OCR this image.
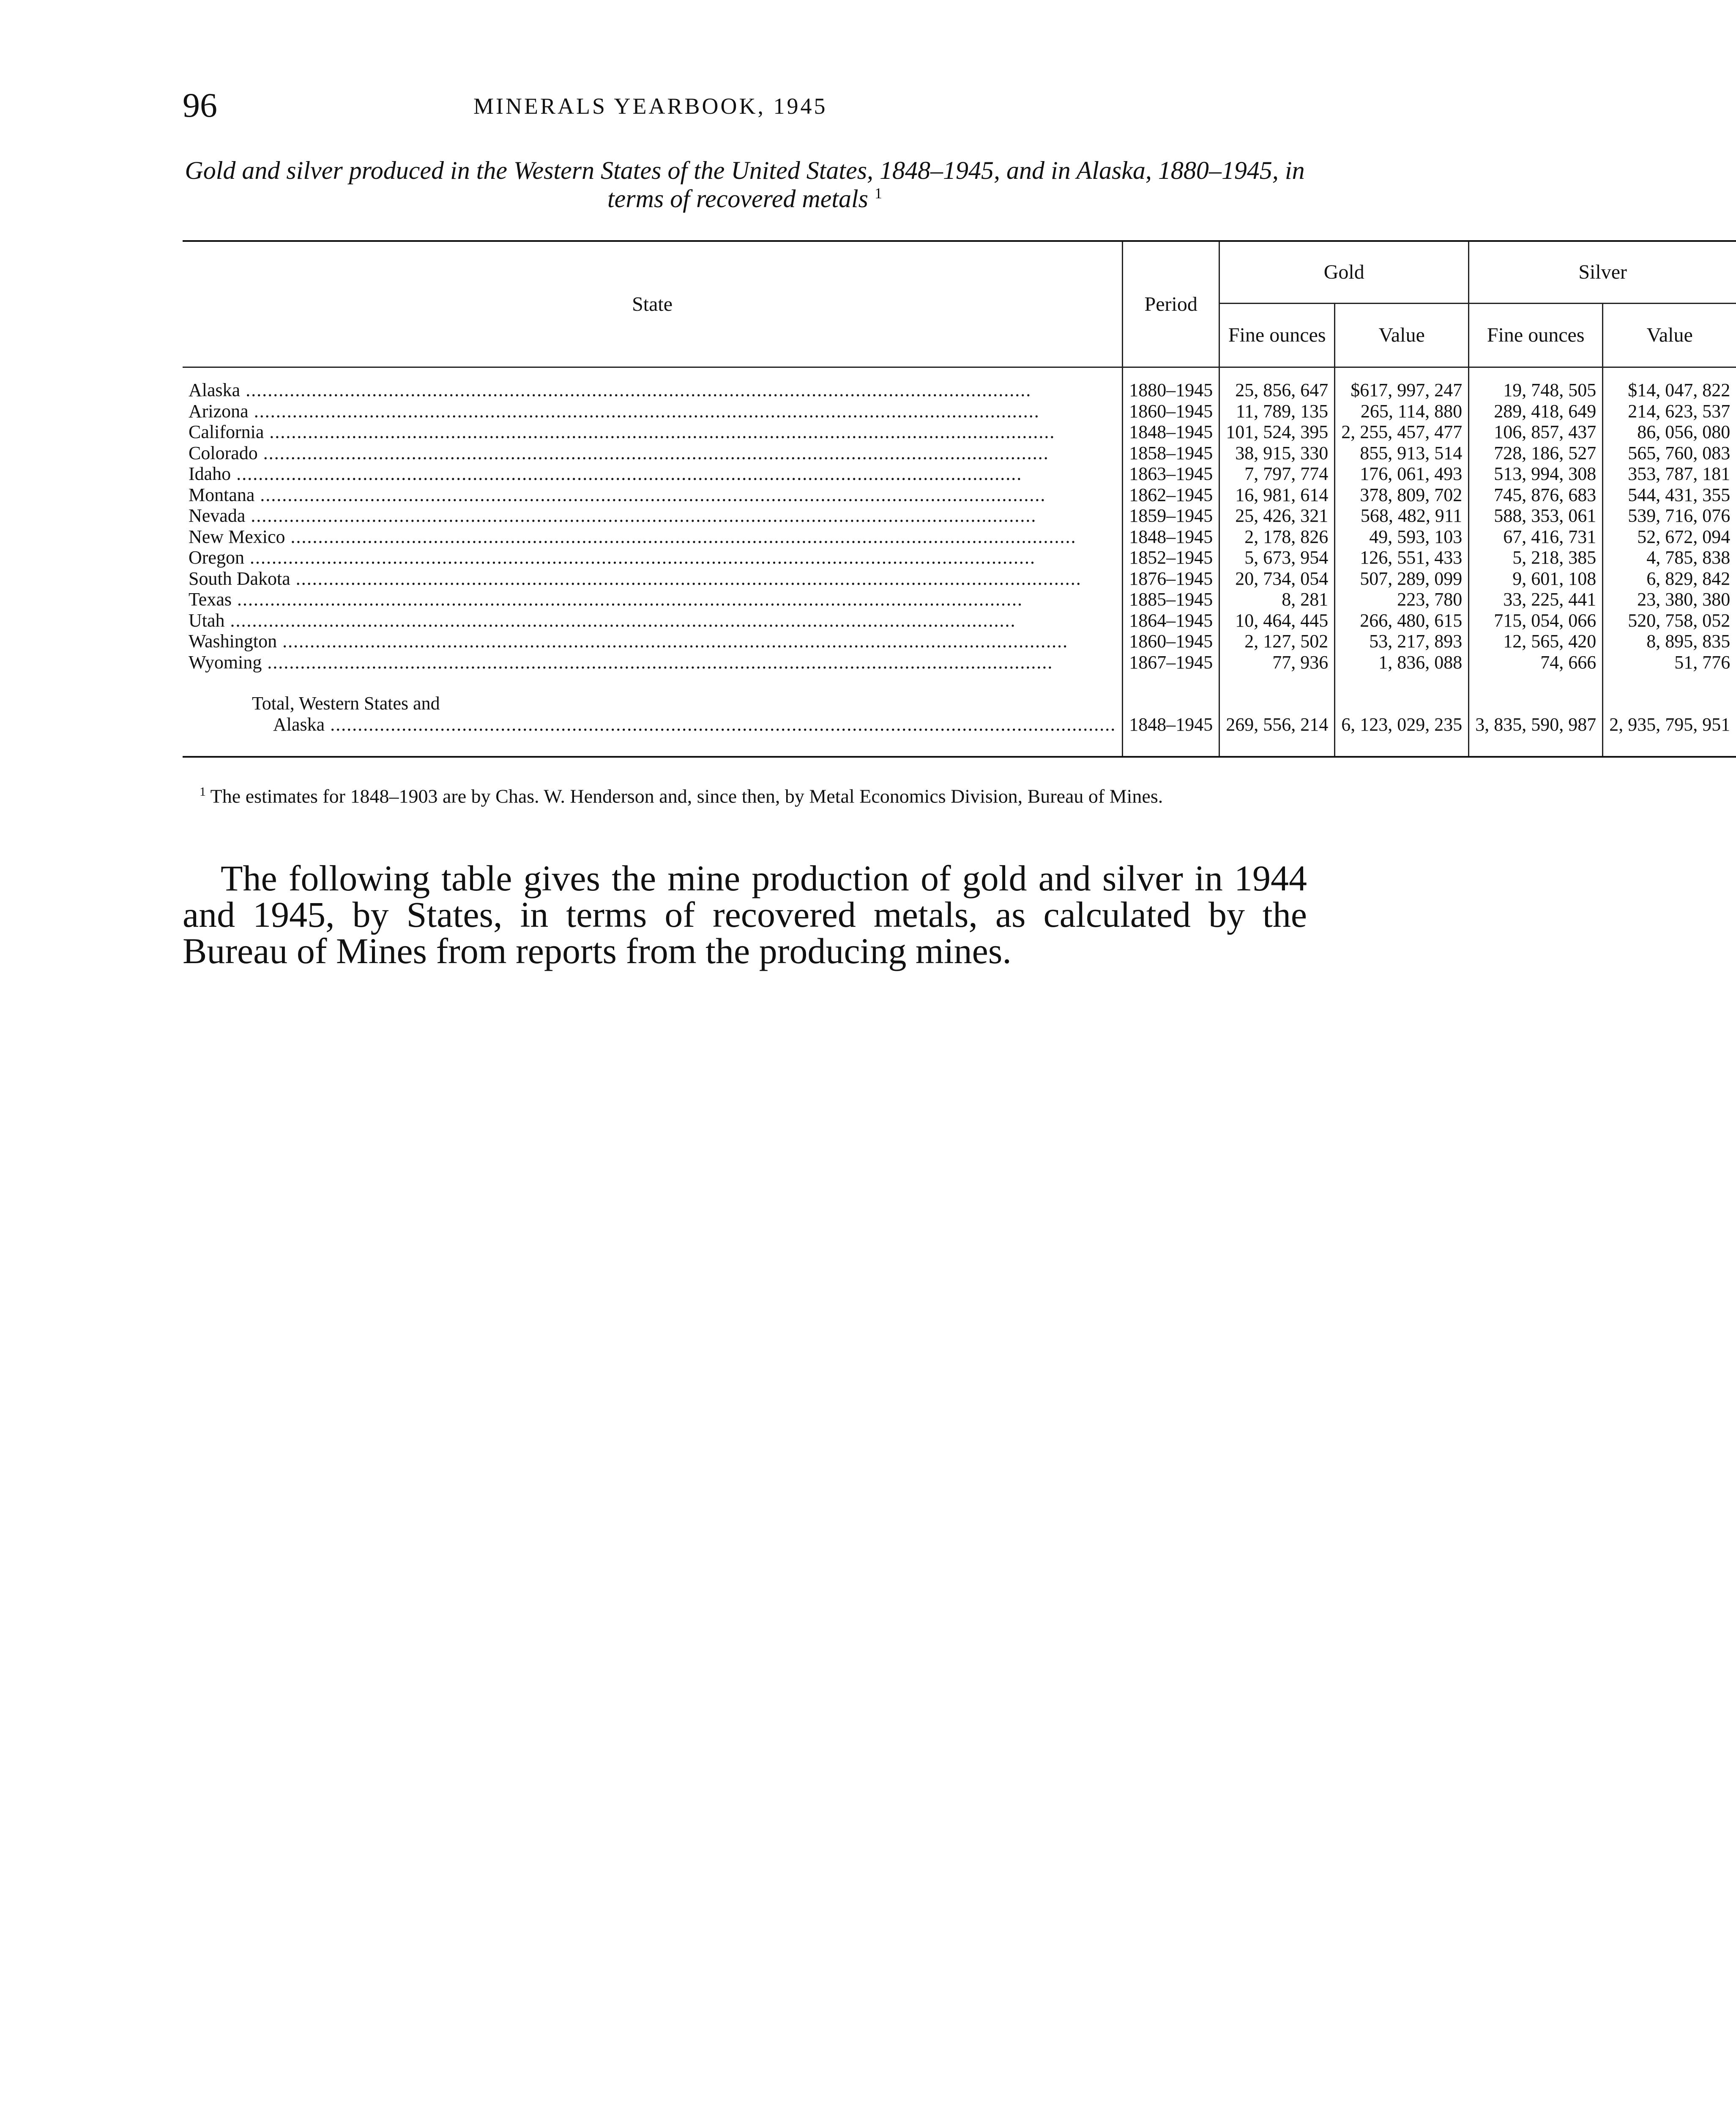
96	MINERALS YEARBOOK, 1945
Gold and silver produced in the Western States of the United States, 1848–1945, and in Alaska, 1880–1945, in terms of recovered metals $^1$
State	Period	Gold		Silver	
		Fine ounces	Value	Fine ounces	Value

Alaska .....	1880–1945	25, 856, 647	$617, 997, 247	19, 748, 505	$14, 047, 822

Arizona .....	1860–1945	11, 789, 135	265, 114, 880	289, 418, 649	214, 623, 537

California .....	1848–1945	101, 524, 395	2, 255, 457, 477	106, 857, 437	86, 056, 080

Colorado .....	1858–1945	38, 915, 330	855, 913, 514	728, 186, 527	565, 760, 083

Idaho .....	1863–1945	7, 797, 774	176, 061, 493	513, 994, 308	353, 787, 181

Montana .....	1862–1945	16, 981, 614	378, 809, 702	745, 876, 683	544, 431, 355

Nevada .....	1859–1945	25, 426, 321	568, 482, 911	588, 353, 061	539, 716, 076

New Mexico .....	1848–1945	2, 178, 826	49, 593, 103	67, 416, 731	52, 672, 094

Oregon .....	1852–1945	5, 673, 954	126, 551, 433	5, 218, 385	4, 785, 838

South Dakota .....	1876–1945	20, 734, 054	507, 289, 099	9, 601, 108	6, 829, 842

Texas .....	1885–1945	8, 281	223, 780	33, 225, 441	23, 380, 380

Utah .....	1864–1945	10, 464, 445	266, 480, 615	715, 054, 066	520, 758, 052

Washington .....	1860–1945	2, 127, 502	53, 217, 893	12, 565, 420	8, 895, 835

Wyoming .....	1867–1945	77, 936	1, 836, 088	74, 666	51, 776

Total, Western States and
Alaska .....	1848–1945	269, 556, 214	6, 123, 029, 235	3, 835, 590, 987	2, 935, 795, 951

$^1$ The estimates for 1848–1903 are by Chas. W. Henderson and, since then, by Metal Economics Division, Bureau of Mines.
The following table gives the mine production of gold and silver in 1944 and 1945, by States, in terms of recovered metals, as calculated by the Bureau of Mines from reports from the producing mines.
